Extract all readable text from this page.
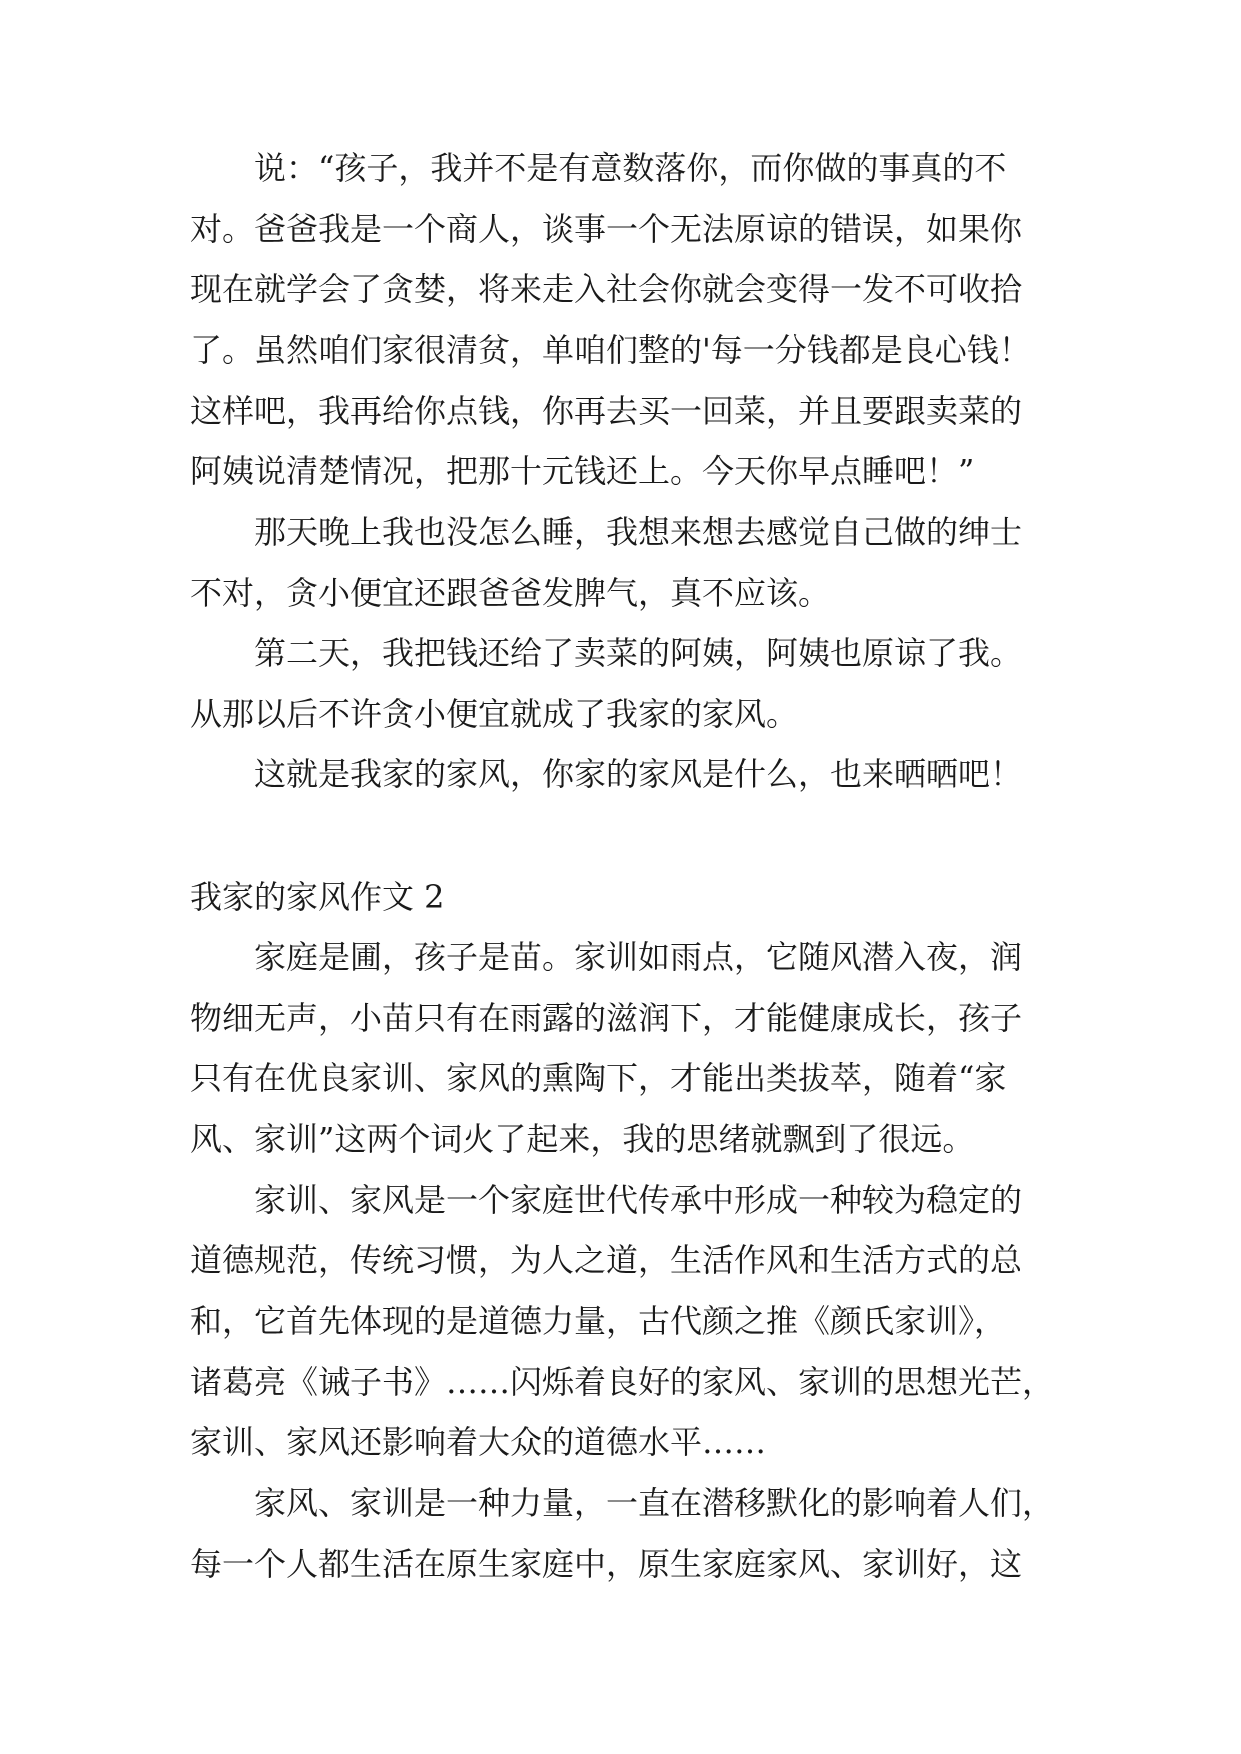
说：“孩子，我并不是有意数落你，而你做的事真的不
对。爸爸我是一个商人，谈事一个无法原谅的错误，如果你
现在就学会了贪婪，将来走入社会你就会变得一发不可收拾
了。虽然咱们家很清贫，单咱们整的'每一分钱都是良心钱！
这样吧，我再给你点钱，你再去买一回菜，并且要跟卖菜的
阿姨说清楚情况，把那十元钱还上。今天你早点睡吧！”
那天晚上我也没怎么睡，我想来想去感觉自己做的绅士
不对，贪小便宜还跟爸爸发脾气，真不应该。
第二天，我把钱还给了卖菜的阿姨，阿姨也原谅了我。
从那以后不许贪小便宜就成了我家的家风。
这就是我家的家风，你家的家风是什么，也来晒晒吧！
我家的家风作文 2
家庭是圃，孩子是苗。家训如雨点，它随风潜入夜，润
物细无声，小苗只有在雨露的滋润下，才能健康成长，孩子
只有在优良家训、家风的熏陶下，才能出类拔萃，随着“家
风、家训”这两个词火了起来，我的思绪就飘到了很远。
家训、家风是一个家庭世代传承中形成一种较为稳定的
道德规范，传统习惯，为人之道，生活作风和生活方式的总
和，它首先体现的是道德力量，古代颜之推《颜氏家训》，
诸葛亮《诫子书》……闪烁着良好的家风、家训的思想光芒，
家训、家风还影响着大众的道德水平……
家风、家训是一种力量，一直在潜移默化的影响着人们，
每一个人都生活在原生家庭中，原生家庭家风、家训好，这
